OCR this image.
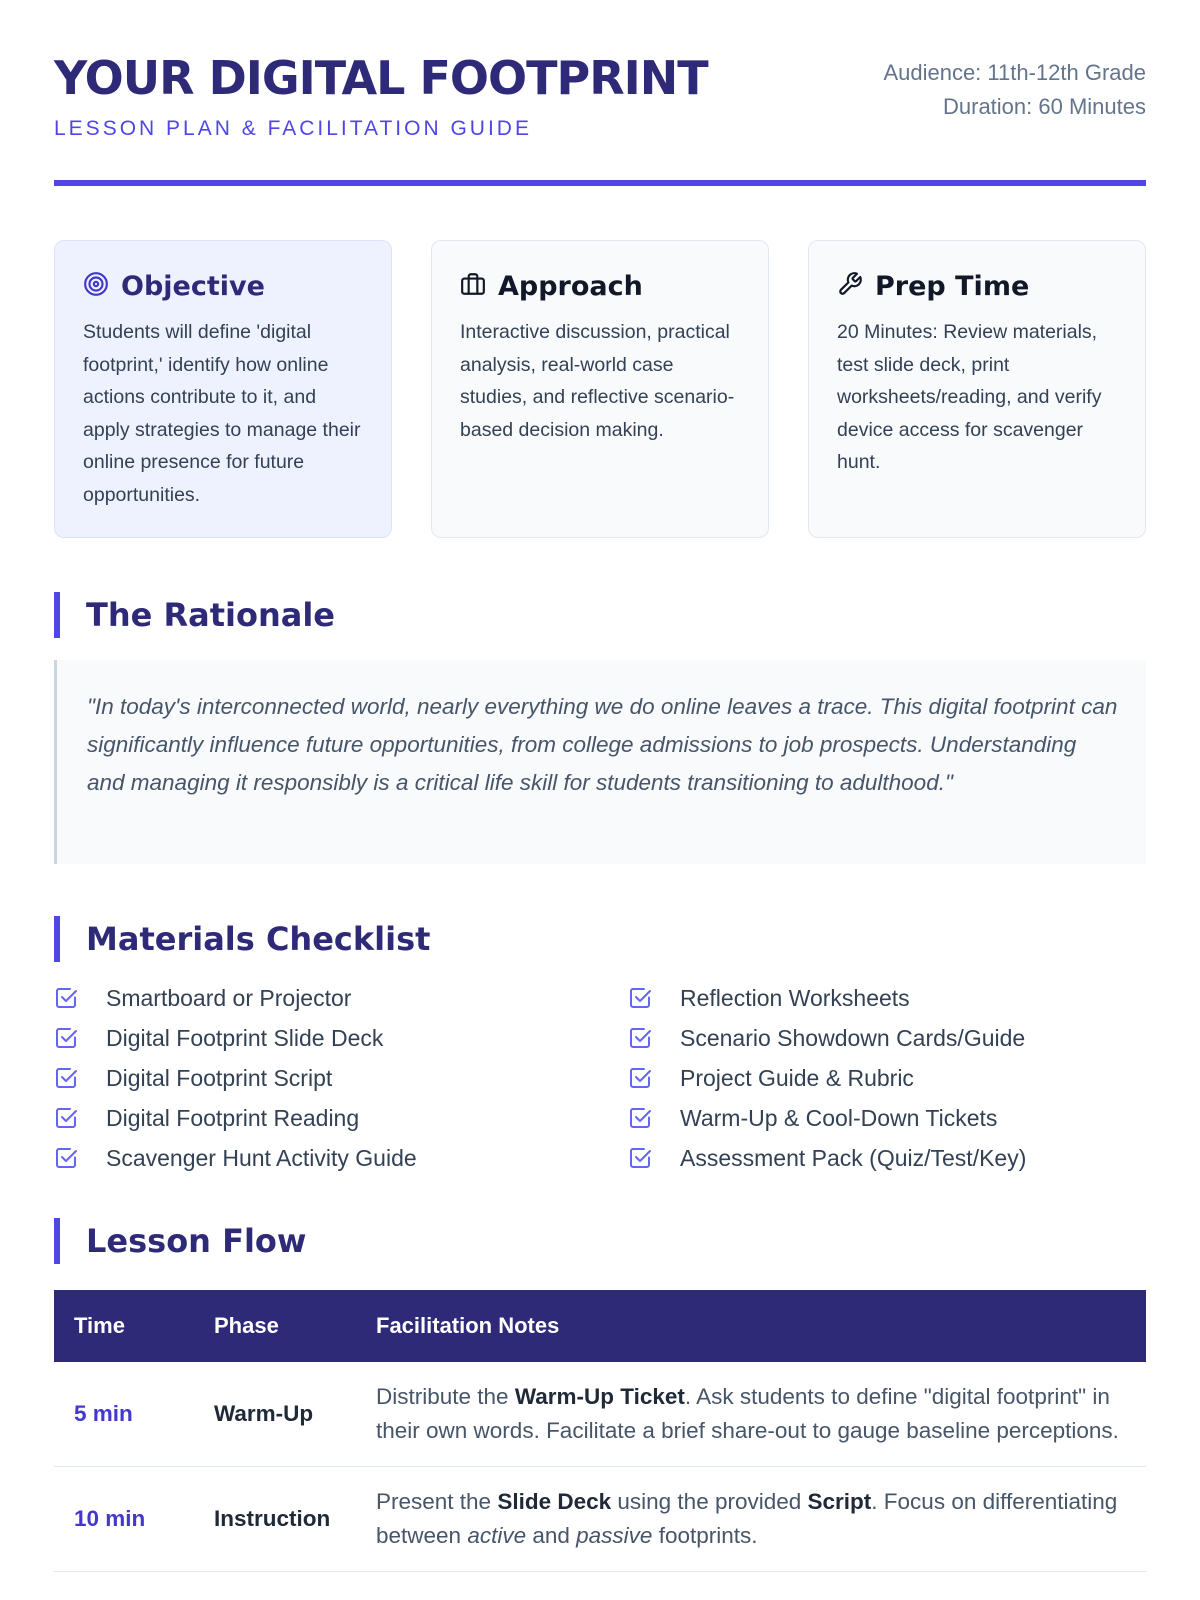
YOUR DIGITAL FOOTPRINT
LESSON PLAN & FACILITATION GUIDE
Audience: 11th-12th Grade
Duration: 60 Minutes
Objective

Students will define 'digital footprint,' identify how online actions contribute to it, and apply strategies to manage their online presence for future opportunities.

Approach

Interactive discussion, practical analysis, real-world case studies, and reflective scenario-based decision making.

Prep Time

20 Minutes: Review materials, test slide deck, print worksheets/reading, and verify device access for scavenger hunt.

The Rationale
"In today's interconnected world, nearly everything we do online leaves a trace. This digital footprint can significantly influence future opportunities, from college admissions to job prospects. Understanding and managing it responsibly is a critical life skill for students transitioning to adulthood."
Materials Checklist
Smartboard or Projector
Digital Footprint Slide Deck
Digital Footprint Script
Digital Footprint Reading
Scavenger Hunt Activity Guide
Reflection Worksheets
Scenario Showdown Cards/Guide
Project Guide & Rubric
Warm-Up & Cool-Down Tickets
Assessment Pack (Quiz/Test/Key)
Lesson Flow
Time	Phase	Facilitation Notes
5 min	Warm-Up	Distribute the Warm-Up Ticket. Ask students to define "digital footprint" in their own words. Facilitate a brief share-out to gauge baseline perceptions.
10 min	Instruction	Present the Slide Deck using the provided Script. Focus on differentiating between active and passive footprints.
